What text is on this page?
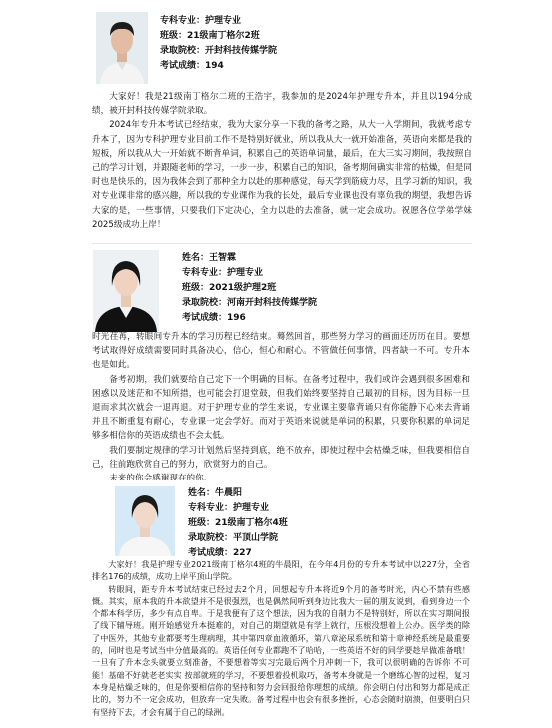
专科专业：护理专业
班级：21级南丁格尔2班
录取院校：开封科技传媒学院
考试成绩：194

大家好！我是21级南丁格尔二班的王浩宇，我参加的是2024年护理专升本，并且以194分成绩，被开封科技传媒学院录取。

2024年专升本考试已经结束，我为大家分享一下我的备考之路，从大一入学期间，我就考虑专升本了，因为专科护理专业目前工作不是特别好就业，所以我从大一就开始准备，英语向来都是我的短板，所以我从大一开始就不断背单词，积累自己的英语单词量，最后，在大三实习期间，我按照自己的学习计划，并跟随老师的学习，一步一步，积累自己的知识，备考期间确实非常的枯燥，但是同时也是快乐的，因为我体会到了那种全力以赴的那种感觉，每天学到筋疲力尽，且学习新的知识，我对专业课非常的感兴趣，所以我的专业课作为我的长处，最后专业课也没有辜负我的期望，我想告诉大家的是，一些事情，只要我们下定决心，全力以赴的去准备，就一定会成功。祝愿各位学弟学妹2025级成功上岸！

姓名：王智霖
专科专业：护理专业
班级：2021级护理2班
录取院校：河南开封科技传媒学院
考试成绩：196

时光荏苒，转眼间专升本的学习历程已经结束。蓦然回首，那些努力学习的画面还历历在目。要想考试取得好成绩需要同时具备决心，信心，恒心和耐心。不管做任何事情，四者缺一不可。专升本也是如此。

备考初期，我们就要给自己定下一个明确的目标。在备考过程中，我们或许会遇到很多困难和困惑以及迷茫和不知所措，也可能会打退堂鼓，但我们始终要坚持自己最初的目标，因为目标一旦退而求其次就会一退再退。对于护理专业的学生来说，专业课主要靠背诵只有你能静下心来去背诵并且不断重复有耐心，专业课一定会学好。而对于英语来说就是单词的积累，只要你积累的单词足够多相信你的英语成绩也不会太低。

我们要制定规律的学习计划然后坚持到底，绝不放弃，即使过程中会枯燥乏味，但我要相信自己，往前跑欣赏自己的努力，欣赏努力的自己。

姓名：牛晨阳
专科专业：护理专业
班级：21级南丁格尔4班
录取院校：平顶山学院
考试成绩：227

大家好！我是护理专业2021级南丁格尔4班的牛晨阳，在今年4月份的专升本考试中以227分，全省排名176的成绩，成功上岸平顶山学院。

转眼间，距专升本考试结束已经过去2个月，回想起专升本将近9个月的备考时光，内心不禁有些感慨。其实，原本我的升本欲望并不是很强烈，也是偶然间听到身边比我大一届的朋友说到，看到身边一个个都本科学历，多少有点自卑。于是我便有了这个想法，因为我的自制力不是特别好，所以在实习期间报了线下辅导班。刚开始感觉升本挺难的，对自己的期望就是有学上就行，压根没想着上公办。医学类的除了中医外，其他专业都要考生理病理，其中第四章血液循环，第八章泌尿系统和第十章神经系统是最重要的，同时也是考试当中分值最高的。英语任何专业都跑不了哈哈，一些英语不好的同学要趁早做准备哦！一旦有了升本念头就要立刻准备，不要想着等实习完最后两个月冲刺一下，我可以很明确的告诉你 不可能！基础不好就老老实实 按部就班的学习，不要想着投机取巧，备考本身就是一个磨练心智的过程，复习本身是枯燥乏味的，但是你要相信你的坚持和努力会回报给你理想的成绩。你会明白付出和努力都是成正比的，努力不一定会成功，但放弃一定失败。备考过程中也会有很多挫折，心态会随时崩溃，但要明白只有坚持下去，才会有属于自己的绿洲。
